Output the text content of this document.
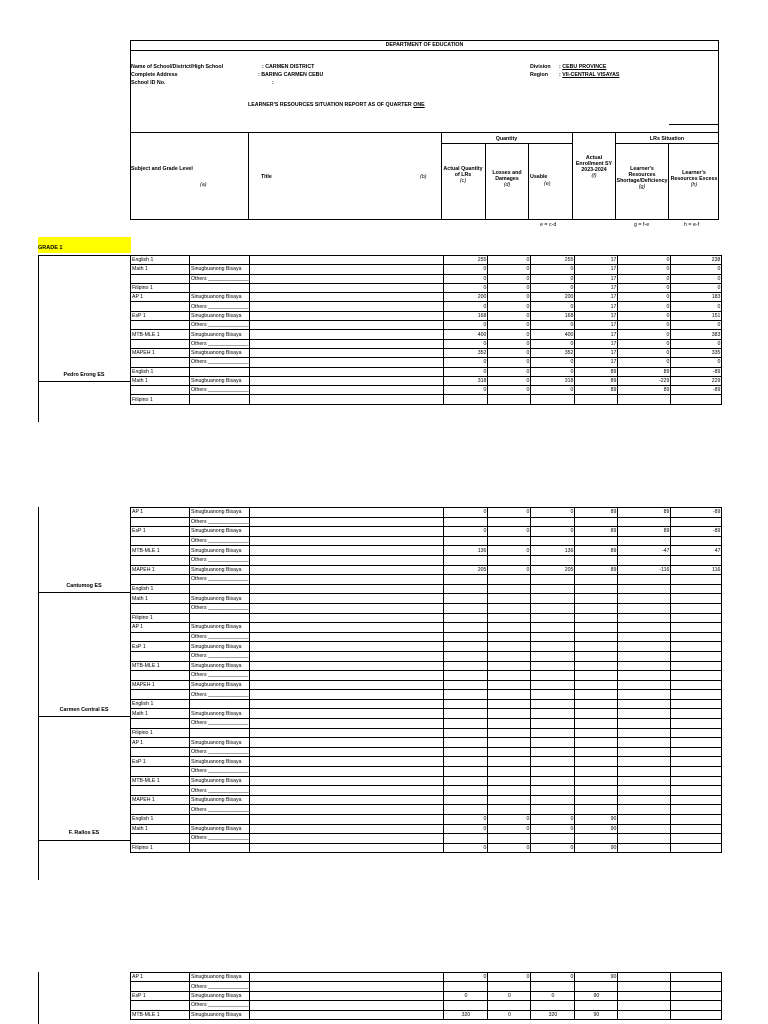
DEPARTMENT OF EDUCATION
Name of School/District/High School	: CARMEN DISTRICT
Complete Address	: BARING CARMEN CEBU
School ID No.	:
Division : CEBU PROVINCE
Region : VII-CENTRAL VISAYAS
LEARNER'S RESOURCES SITUATION REPORT AS OF QUARTER ONE
Subject and Grade Level
(a)
Title	(b)
Quantity	LRs Situation
Actual Quantity of LRs
(c)
Losses and Damages
(d)
Usable
(e)
Actual Enrollment SY 2023-2024
(f)
Learner's Resources Shortage/Deficiency (g)
Learner's Resources Excess (h)
e = c-d	g = f-e	h = e-f
GRADE 1
Pedro Erong ES
English 1			255	0	255	17	0	238
Math 1	Sinugbuanong Bisaya		0	0	0	17	0	0
	Others ______________		0	0	0	17	0	0
Filipino 1			0	0	0	17	0	0
AP 1	Sinugbuanong Bisaya		200	0	200	17	0	183
	Others ______________		0	0	0	17	0	0
EsP 1	Sinugbuanong Bisaya		168	0	168	17	0	151
	Others ______________		0	0	0	17	0	0
MTB-MLE 1	Sinugbuanong Bisaya		400	0	400	17	0	383
	Others ______________		0	0	0	17	0	0
MAPEH 1	Sinugbuanong Bisaya		352	0	352	17	0	335
	Others ______________		0	0	0	17	0	0
English 1			0	0	0	89	89	-89
Math 1	Sinugbuanong Bisaya		318	0	318	89	-229	229
	Others ______________		0	0	0	89	89	-89
Filipino 1								
Cantumog ES
Carmen Central ES
F. Rallos ES
AP 1	Sinugbuanong Bisaya		0	0	0	89	89	-89
	Others ______________							
EsP 1	Sinugbuanong Bisaya		0	0	0	89	89	-89
	Others ______________							
MTB-MLE 1	Sinugbuanong Bisaya		136	0	136	89	-47	47
	Others ______________							
MAPEH 1	Sinugbuanong Bisaya		205	0	205	89	-116	116
	Others ______________							
English 1								
Math 1	Sinugbuanong Bisaya							
	Others ______________							
Filipino 1								
AP 1	Sinugbuanong Bisaya							
	Others ______________							
EsP 1	Sinugbuanong Bisaya							
	Others ______________							
MTB-MLE 1	Sinugbuanong Bisaya							
	Others ______________							
MAPEH 1	Sinugbuanong Bisaya							
	Others ______________							
English 1								
Math 1	Sinugbuanong Bisaya							
	Others ______________							
Filipino 1								
AP 1	Sinugbuanong Bisaya							
	Others ______________							
EsP 1	Sinugbuanong Bisaya							
	Others ______________							
MTB-MLE 1	Sinugbuanong Bisaya							
	Others ______________							
MAPEH 1	Sinugbuanong Bisaya							
	Others ______________							
English 1			0	0	0	90		
Math 1	Sinugbuanong Bisaya		0	0	0	90		
	Others ______________							
Filipino 1			0	0	0	90		
AP 1	Sinugbuanong Bisaya		0	0	0	90		
	Others ______________							
EsP 1	Sinugbuanong Bisaya		0	0	0	90		
	Others ______________							
MTB-MLE 1	Sinugbuanong Bisaya		320	0	320	90		
